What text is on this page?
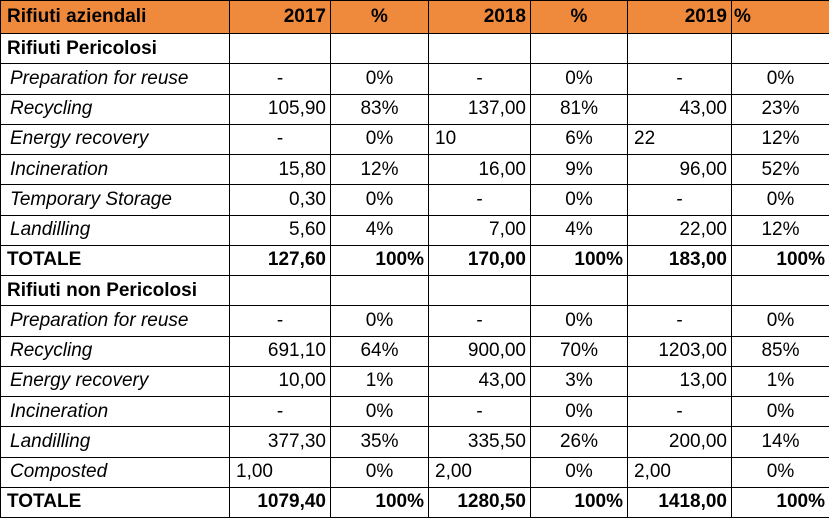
Rifiuti aziendali	2017	%	2018	%	2019	%
Rifiuti Pericolosi						
Preparation for reuse	-	0%	-	0%	-	0%
Recycling	105,90	83%	137,00	81%	43,00	23%
Energy recovery	-	0%	10	6%	22	12%
Incineration	15,80	12%	16,00	9%	96,00	52%
Temporary Storage	0,30	0%	-	0%	-	0%
Landilling	5,60	4%	7,00	4%	22,00	12%
TOTALE	127,60	100%	170,00	100%	183,00	100%
Rifiuti non Pericolosi						
Preparation for reuse	-	0%	-	0%	-	0%
Recycling	691,10	64%	900,00	70%	1203,00	85%
Energy recovery	10,00	1%	43,00	3%	13,00	1%
Incineration	-	0%	-	0%	-	0%
Landilling	377,30	35%	335,50	26%	200,00	14%
Composted	1,00	0%	2,00	0%	2,00	0%
TOTALE	1079,40	100%	1280,50	100%	1418,00	100%
